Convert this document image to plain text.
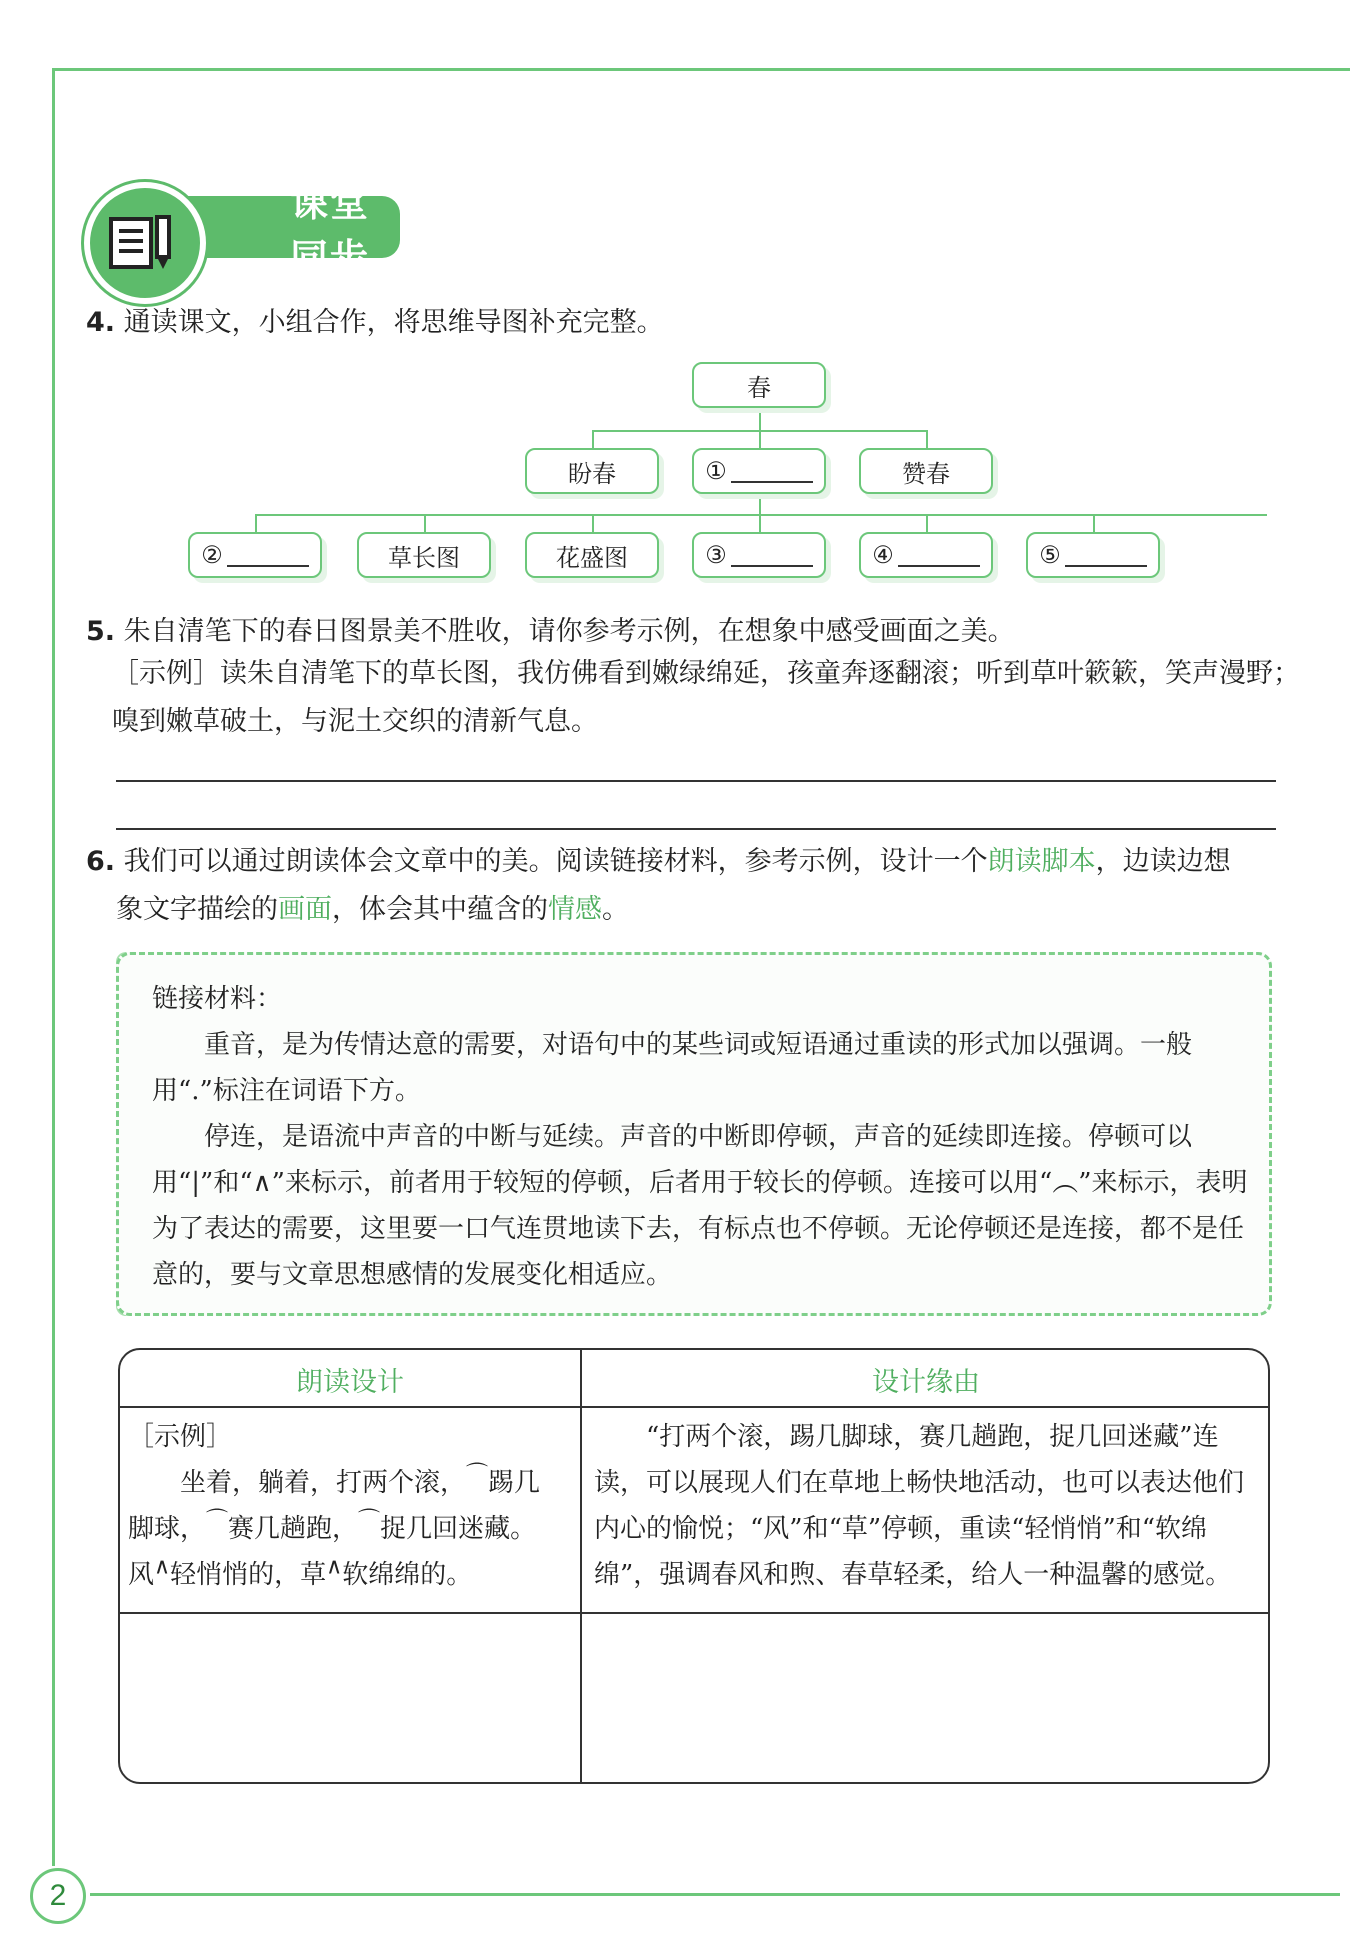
2
课堂同步
4. 通读课文，小组合作，将思维导图补充完整。
春
盼春	①	赞春
②	草长图	花盛图	③	④	⑤
5. 朱自清笔下的春日图景美不胜收，请你参考示例，在想象中感受画面之美。
［示例］读朱自清笔下的草长图，我仿佛看到嫩绿绵延，孩童奔逐翻滚；听到草叶簌簌，笑声漫野；
嗅到嫩草破土，与泥土交织的清新气息。
6. 我们可以通过朗读体会文章中的美。阅读链接材料，参考示例，设计一个朗读脚本，边读边想
象文字描绘的画面，体会其中蕴含的情感。

链接材料：

重音，是为传情达意的需要，对语句中的某些词或短语通过重读的形式加以强调。一般用“.”标注在词语下方。

停连，是语流中声音的中断与延续。声音的中断即停顿，声音的延续即连接。停顿可以用“|”和“∧”来标示，前者用于较短的停顿，后者用于较长的停顿。连接可以用“︵”来标示，表明为了表达的需要，这里要一口气连贯地读下去，有标点也不停顿。无论停顿还是连接，都不是任意的，要与文章思想感情的发展变化相适应。

朗读设计	设计缘由

［示例］

坐着，躺着，打两个滚，⌒踢几

脚球，⌒赛几趟跑，⌒捉几回迷藏。

风∧轻悄悄的，草∧软绵绵的。

“打两个滚，踢几脚球，赛几趟跑，捉几回迷藏”连读，可以展现人们在草地上畅快地活动，也可以表达他们内心的愉悦；“风”和“草”停顿，重读“轻悄悄”和“软绵绵”，强调春风和煦、春草轻柔，给人一种温馨的感觉。
